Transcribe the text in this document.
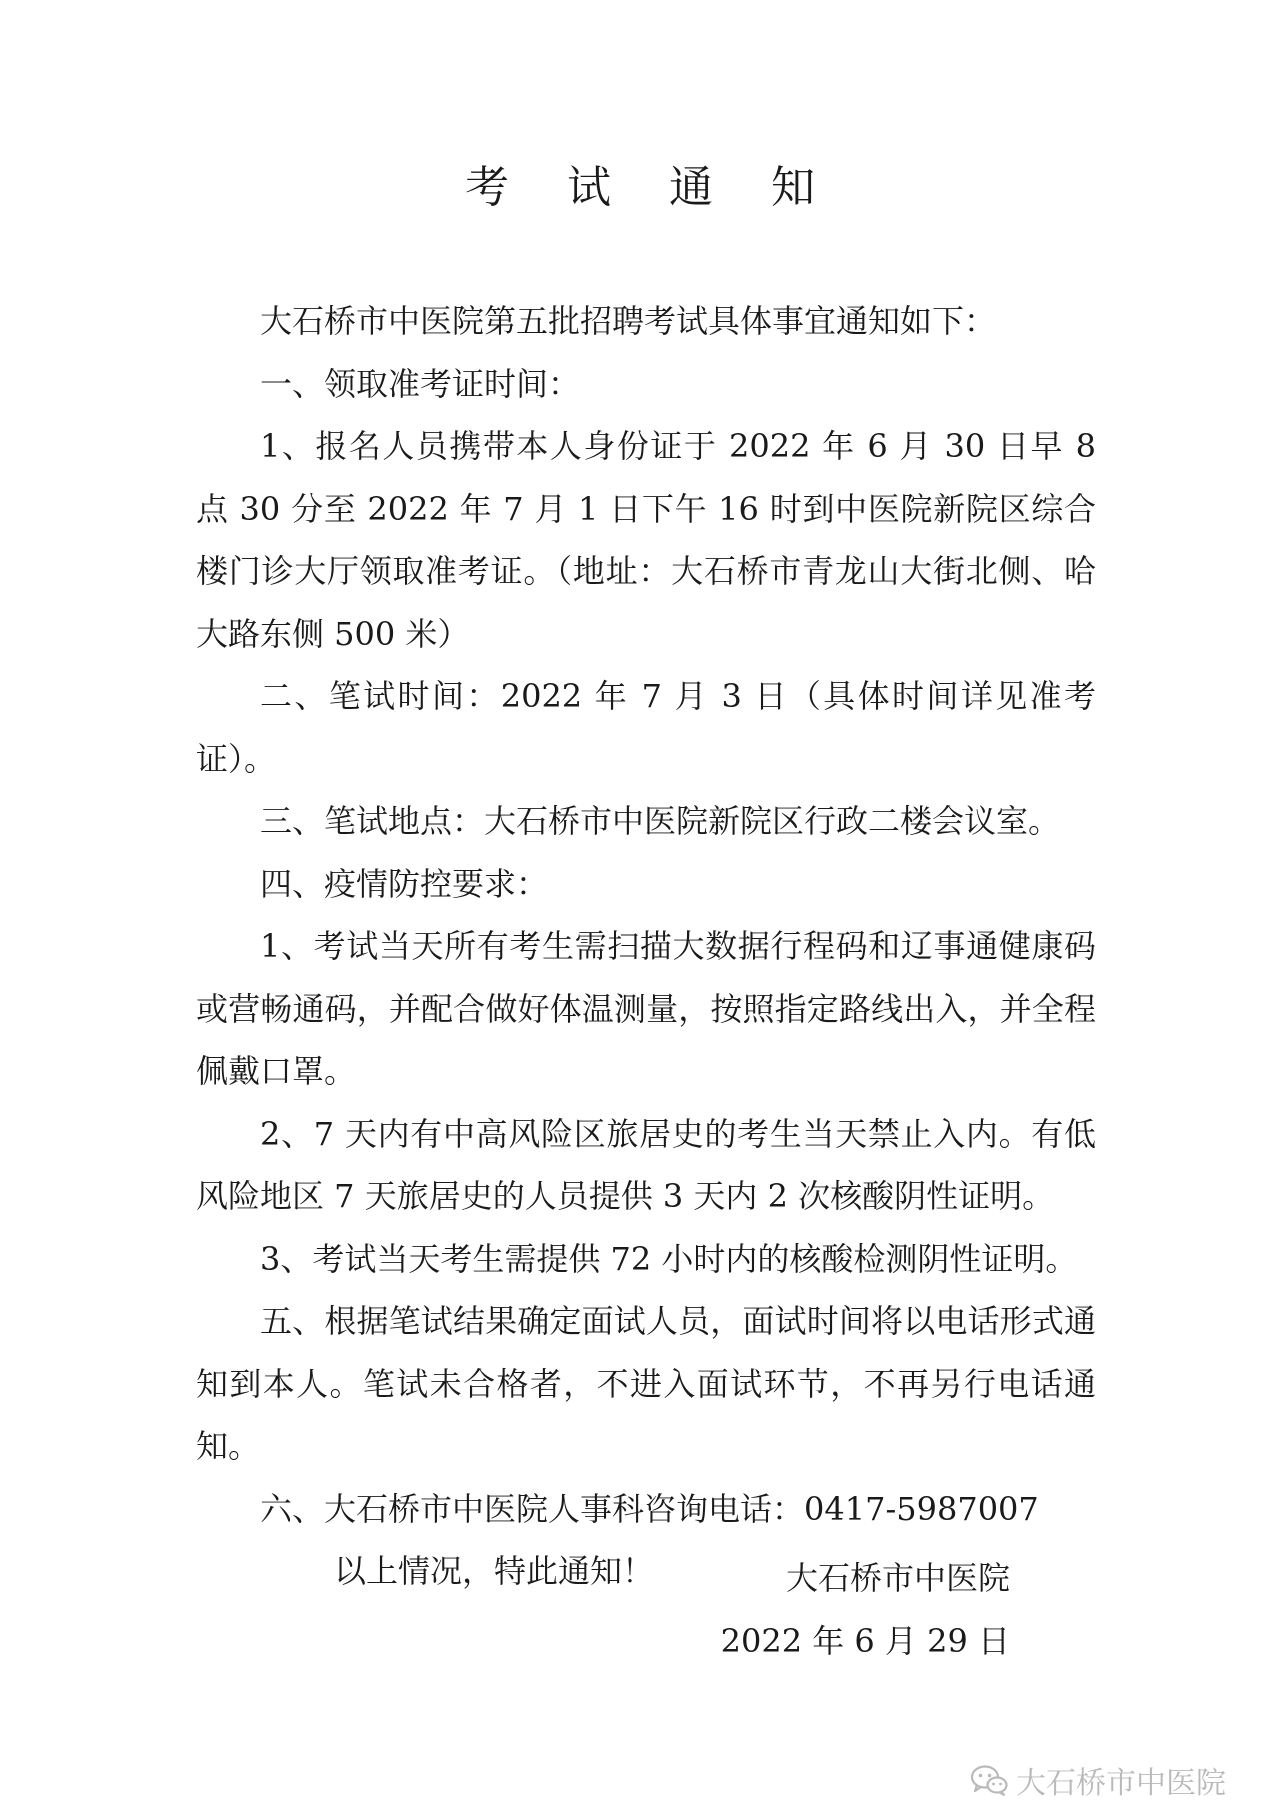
考 试 通 知

大石桥市中医院第五批招聘考试具体事宜通知如下：

一、领取准考证时间：

1、报名人员携带本人身份证于 2022 年 6 月 30 日早 8 点 30 分至 2022 年 7 月 1 日下午 16 时到中医院新院区综合楼门诊大厅领取准考证。（地址：大石桥市青龙山大街北侧、哈大路东侧 500 米）

二、笔试时间：2022 年 7 月 3 日（具体时间详见准考证）。

三、笔试地点：大石桥市中医院新院区行政二楼会议室。

四、疫情防控要求：

1、考试当天所有考生需扫描大数据行程码和辽事通健康码或营畅通码，并配合做好体温测量，按照指定路线出入，并全程佩戴口罩。

2、7 天内有中高风险区旅居史的考生当天禁止入内。有低风险地区 7 天旅居史的人员提供 3 天内 2 次核酸阴性证明。

3、考试当天考生需提供 72 小时内的核酸检测阴性证明。

五、根据笔试结果确定面试人员，面试时间将以电话形式通知到本人。笔试未合格者，不进入面试环节，不再另行电话通知。

六、大石桥市中医院人事科咨询电话：0417-5987007

以上情况，特此通知！	大石桥市中医院
2022 年 6 月 29 日
大石桥市中医院
